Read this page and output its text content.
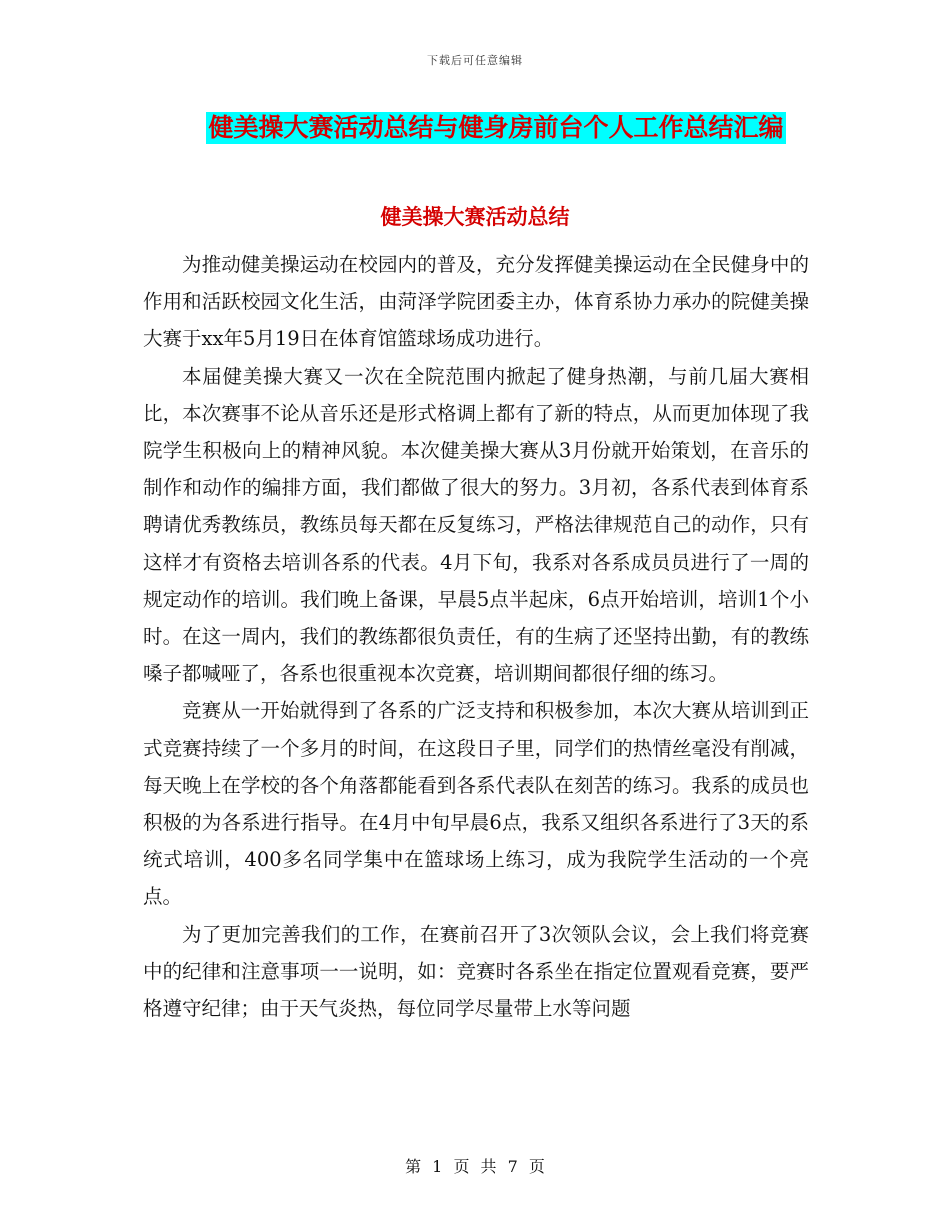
下载后可任意编辑
健美操大赛活动总结与健身房前台个人工作总结汇编
健美操大赛活动总结

为推动健美操运动在校园内的普及，充分发挥健美操运动在全民健身中的作用和活跃校园文化生活，由菏泽学院团委主办，体育系协力承办的院健美操大赛于xx年5月19日在体育馆篮球场成功进行。

本届健美操大赛又一次在全院范围内掀起了健身热潮，与前几届大赛相比，本次赛事不论从音乐还是形式格调上都有了新的特点，从而更加体现了我院学生积极向上的精神风貌。本次健美操大赛从3月份就开始策划，在音乐的制作和动作的编排方面，我们都做了很大的努力。3月初，各系代表到体育系聘请优秀教练员，教练员每天都在反复练习，严格法律规范自己的动作，只有这样才有资格去培训各系的代表。4月下旬，我系对各系成员员进行了一周的规定动作的培训。我们晚上备课，早晨5点半起床，6点开始培训，培训1个小时。在这一周内，我们的教练都很负责任，有的生病了还坚持出勤，有的教练嗓子都喊哑了，各系也很重视本次竞赛，培训期间都很仔细的练习。

竞赛从一开始就得到了各系的广泛支持和积极参加，本次大赛从培训到正式竞赛持续了一个多月的时间，在这段日子里，同学们的热情丝毫没有削减，每天晚上在学校的各个角落都能看到各系代表队在刻苦的练习。我系的成员也积极的为各系进行指导。在4月中旬早晨6点，我系又组织各系进行了3天的系统式培训，400多名同学集中在篮球场上练习，成为我院学生活动的一个亮点。

为了更加完善我们的工作，在赛前召开了3次领队会议，会上我们将竞赛中的纪律和注意事项一一说明，如：竞赛时各系坐在指定位置观看竞赛，要严格遵守纪律；由于天气炎热，每位同学尽量带上水等问题

第 1 页 共 7 页
